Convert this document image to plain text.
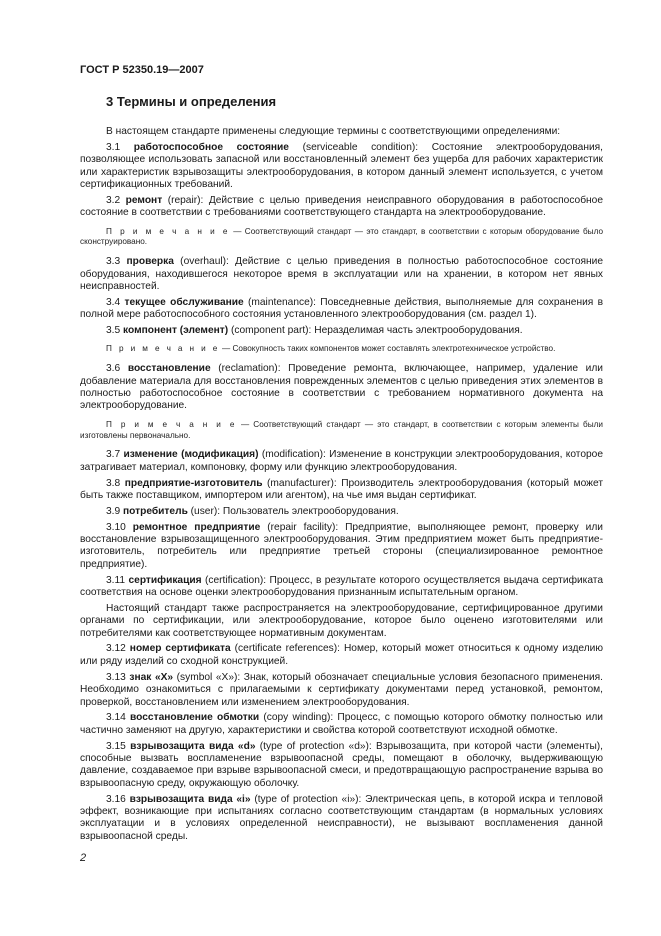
ГОСТ Р 52350.19—2007
3 Термины и определения

В настоящем стандарте применены следующие термины с соответствующими определениями:

3.1 работоспособное состояние (serviceable condition): Состояние электрооборудования, позволяющее использовать запасной или восстановленный элемент без ущерба для рабочих характеристик или характеристик взрывозащиты электрооборудования, в котором данный элемент используется, с учетом сертификационных требований.

3.2 ремонт (repair): Действие с целью приведения неисправного оборудования в работоспособное состояние в соответствии с требованиями соответствующего стандарта на электрооборудование.

П р и м е ч а н и е — Соответствующий стандарт — это стандарт, в соответствии с которым оборудование было сконструировано.

3.3 проверка (overhaul): Действие с целью приведения в полностью работоспособное состояние оборудования, находившегося некоторое время в эксплуатации или на хранении, в котором нет явных неисправностей.

3.4 текущее обслуживание (maintenance): Повседневные действия, выполняемые для сохранения в полной мере работоспособного состояния установленного электрооборудования (см. раздел 1).

3.5 компонент (элемент) (component part): Неразделимая часть электрооборудования.

П р и м е ч а н и е — Совокупность таких компонентов может составлять электротехническое устройство.

3.6 восстановление (reclamation): Проведение ремонта, включающее, например, удаление или добавление материала для восстановления поврежденных элементов с целью приведения этих элементов в полностью работоспособное состояние в соответствии с требованием нормативного документа на электрооборудование.

П р и м е ч а н и е — Соответствующий стандарт — это стандарт, в соответствии с которым элементы были изготовлены первоначально.

3.7 изменение (модификация) (modification): Изменение в конструкции электрооборудования, которое затрагивает материал, компоновку, форму или функцию электрооборудования.

3.8 предприятие-изготовитель (manufacturer): Производитель электрооборудования (который может быть также поставщиком, импортером или агентом), на чье имя выдан сертификат.

3.9 потребитель (user): Пользователь электрооборудования.

3.10 ремонтное предприятие (repair facility): Предприятие, выполняющее ремонт, проверку или восстановление взрывозащищенного электрооборудования. Этим предприятием может быть предприятие-изготовитель, потребитель или предприятие третьей стороны (специализированное ремонтное предприятие).

3.11 сертификация (certification): Процесс, в результате которого осуществляется выдача сертификата соответствия на основе оценки электрооборудования признанным испытательным органом.

Настоящий стандарт также распространяется на электрооборудование, сертифицированное другими органами по сертификации, или электрооборудование, которое было оценено изготовителями или потребителями как соответствующее нормативным документам.

3.12 номер сертификата (certificate references): Номер, который может относиться к одному изделию или ряду изделий со сходной конструкцией.

3.13 знак «X» (symbol «X»): Знак, который обозначает специальные условия безопасного применения. Необходимо ознакомиться с прилагаемыми к сертификату документами перед установкой, ремонтом, проверкой, восстановлением или изменением электрооборудования.

3.14 восстановление обмотки (copy winding): Процесс, с помощью которого обмотку полностью или частично заменяют на другую, характеристики и свойства которой соответствуют исходной обмотке.

3.15 взрывозащита вида «d» (type of protection «d»): Взрывозащита, при которой части (элементы), способные вызвать воспламенение взрывоопасной среды, помещают в оболочку, выдерживающую давление, создаваемое при взрыве взрывоопасной смеси, и предотвращающую распространение взрыва во взрывоопасную среду, окружающую оболочку.

3.16 взрывозащита вида «i» (type of protection «i»): Электрическая цепь, в которой искра и тепловой эффект, возникающие при испытаниях согласно соответствующим стандартам (в нормальных условиях эксплуатации и в условиях определенной неисправности), не вызывают воспламенения данной взрывоопасной среды.

2
